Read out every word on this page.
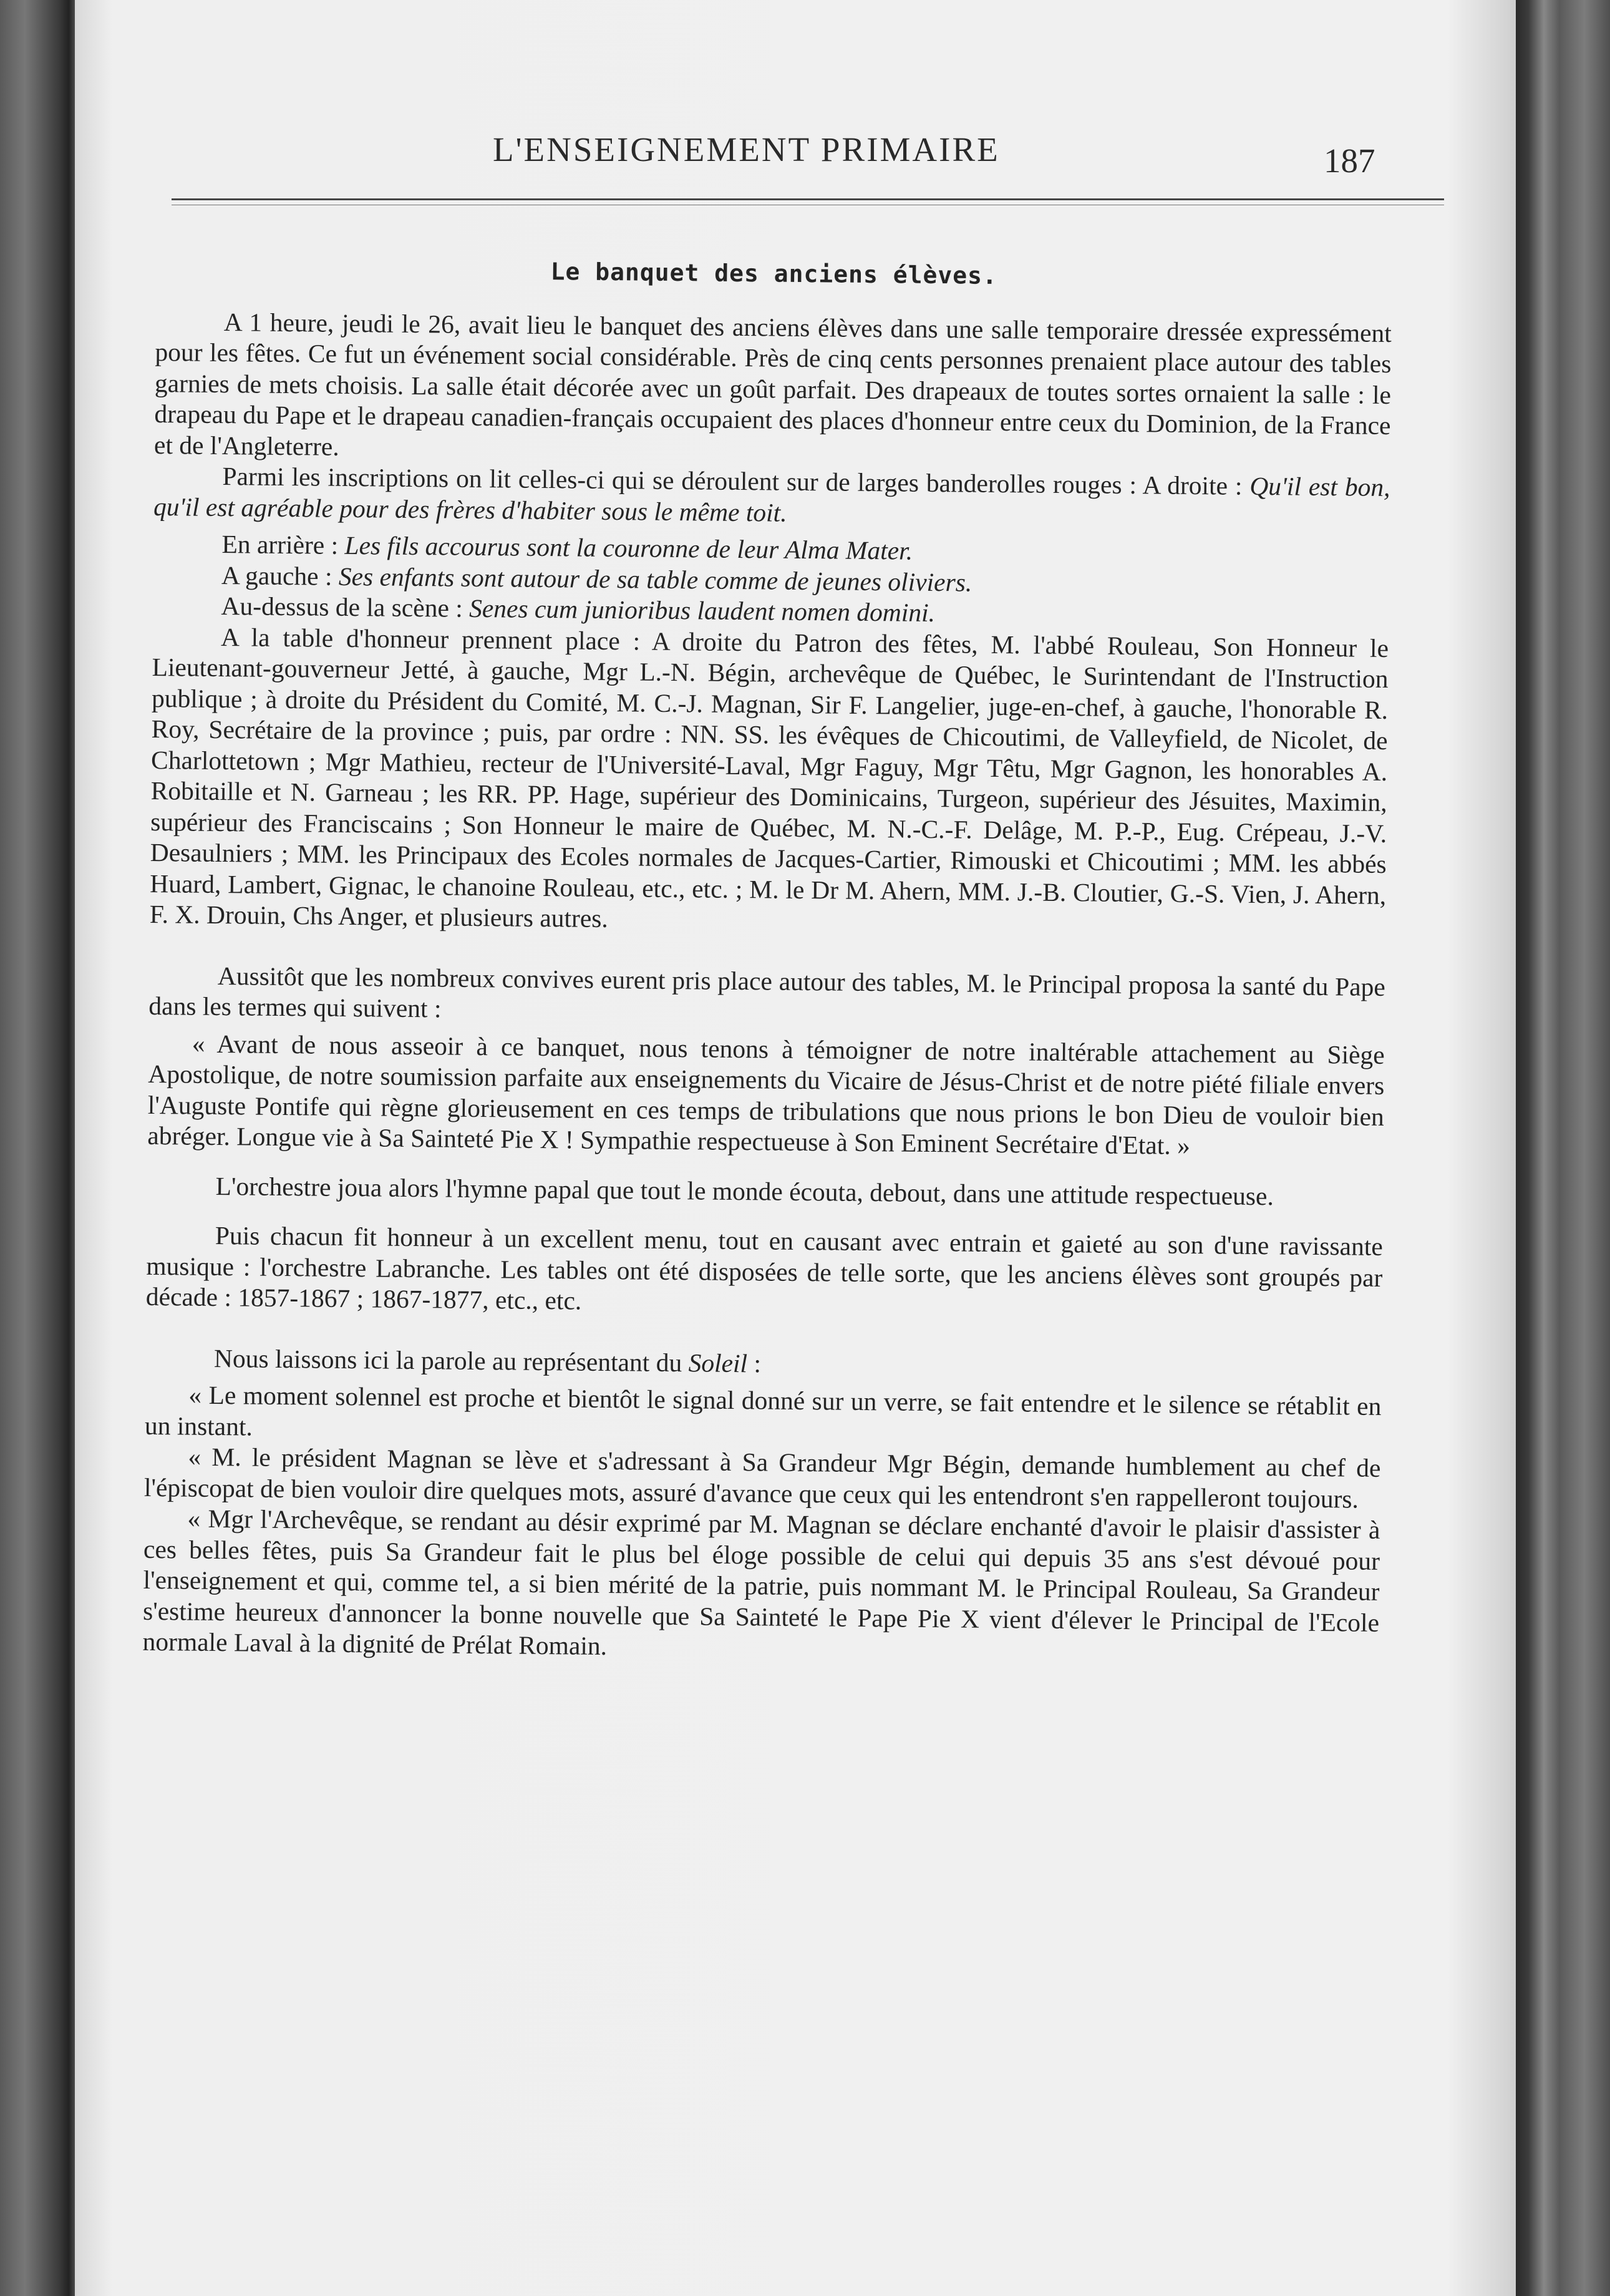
L'ENSEIGNEMENT PRIMAIRE	187
Le banquet des anciens élèves.

A 1 heure, jeudi le 26, avait lieu le banquet des anciens élèves dans une salle temporaire dressée expressément pour les fêtes. Ce fut un événement social considérable. Près de cinq cents personnes prenaient place autour des tables garnies de mets choisis. La salle était décorée avec un goût parfait. Des drapeaux de toutes sortes ornaient la salle : le drapeau du Pape et le drapeau canadien-français occupaient des places d'honneur entre ceux du Dominion, de la France et de l'Angleterre.

Parmi les inscriptions on lit celles-ci qui se déroulent sur de larges banderolles rouges : A droite : Qu'il est bon, qu'il est agréable pour des frères d'habiter sous le même toit.

En arrière : Les fils accourus sont la couronne de leur Alma Mater.

A gauche : Ses enfants sont autour de sa table comme de jeunes oliviers.

Au-dessus de la scène : Senes cum junioribus laudent nomen domini.

A la table d'honneur prennent place : A droite du Patron des fêtes, M. l'abbé Rouleau, Son Honneur le Lieutenant-gouverneur Jetté, à gauche, Mgr L.-N. Bégin, archevêque de Québec, le Surintendant de l'Instruction publique ; à droite du Président du Comité, M. C.-J. Magnan, Sir F. Langelier, juge-en-chef, à gauche, l'honorable R. Roy, Secrétaire de la province ; puis, par ordre : NN. SS. les évêques de Chicoutimi, de Valleyfield, de Nicolet, de Charlottetown ; Mgr Mathieu, recteur de l'Université-Laval, Mgr Faguy, Mgr Têtu, Mgr Gagnon, les honorables A. Robitaille et N. Garneau ; les RR. PP. Hage, supérieur des Dominicains, Turgeon, supérieur des Jésuites, Maximin, supérieur des Franciscains ; Son Honneur le maire de Québec, M. N.-C.-F. Delâge, M. P.-P., Eug. Crépeau, J.-V. Desaulniers ; MM. les Principaux des Ecoles normales de Jacques-Cartier, Rimouski et Chicoutimi ; MM. les abbés Huard, Lambert, Gignac, le chanoine Rouleau, etc., etc. ; M. le Dr M. Ahern, MM. J.-B. Cloutier, G.-S. Vien, J. Ahern, F. X. Drouin, Chs Anger, et plusieurs autres.

Aussitôt que les nombreux convives eurent pris place autour des tables, M. le Principal proposa la santé du Pape dans les termes qui suivent :

« Avant de nous asseoir à ce banquet, nous tenons à témoigner de notre inaltérable attachement au Siège Apostolique, de notre soumission parfaite aux enseignements du Vicaire de Jésus-Christ et de notre piété filiale envers l'Auguste Pontife qui règne glorieusement en ces temps de tribulations que nous prions le bon Dieu de vouloir bien abréger. Longue vie à Sa Sainteté Pie X ! Sympathie respectueuse à Son Eminent Secrétaire d'Etat. »

L'orchestre joua alors l'hymne papal que tout le monde écouta, debout, dans une attitude respectueuse.

Puis chacun fit honneur à un excellent menu, tout en causant avec entrain et gaieté au son d'une ravissante musique : l'orchestre Labranche. Les tables ont été disposées de telle sorte, que les anciens élèves sont groupés par décade : 1857-1867 ; 1867-1877, etc., etc.

Nous laissons ici la parole au représentant du Soleil :

« Le moment solennel est proche et bientôt le signal donné sur un verre, se fait entendre et le silence se rétablit en un instant.

« M. le président Magnan se lève et s'adressant à Sa Grandeur Mgr Bégin, demande humblement au chef de l'épiscopat de bien vouloir dire quelques mots, assuré d'avance que ceux qui les entendront s'en rappelleront toujours.

« Mgr l'Archevêque, se rendant au désir exprimé par M. Magnan se déclare enchanté d'avoir le plaisir d'assister à ces belles fêtes, puis Sa Grandeur fait le plus bel éloge possible de celui qui depuis 35 ans s'est dévoué pour l'enseignement et qui, comme tel, a si bien mérité de la patrie, puis nommant M. le Principal Rouleau, Sa Grandeur s'estime heureux d'annoncer la bonne nouvelle que Sa Sainteté le Pape Pie X vient d'élever le Principal de l'Ecole normale Laval à la dignité de Prélat Romain.
